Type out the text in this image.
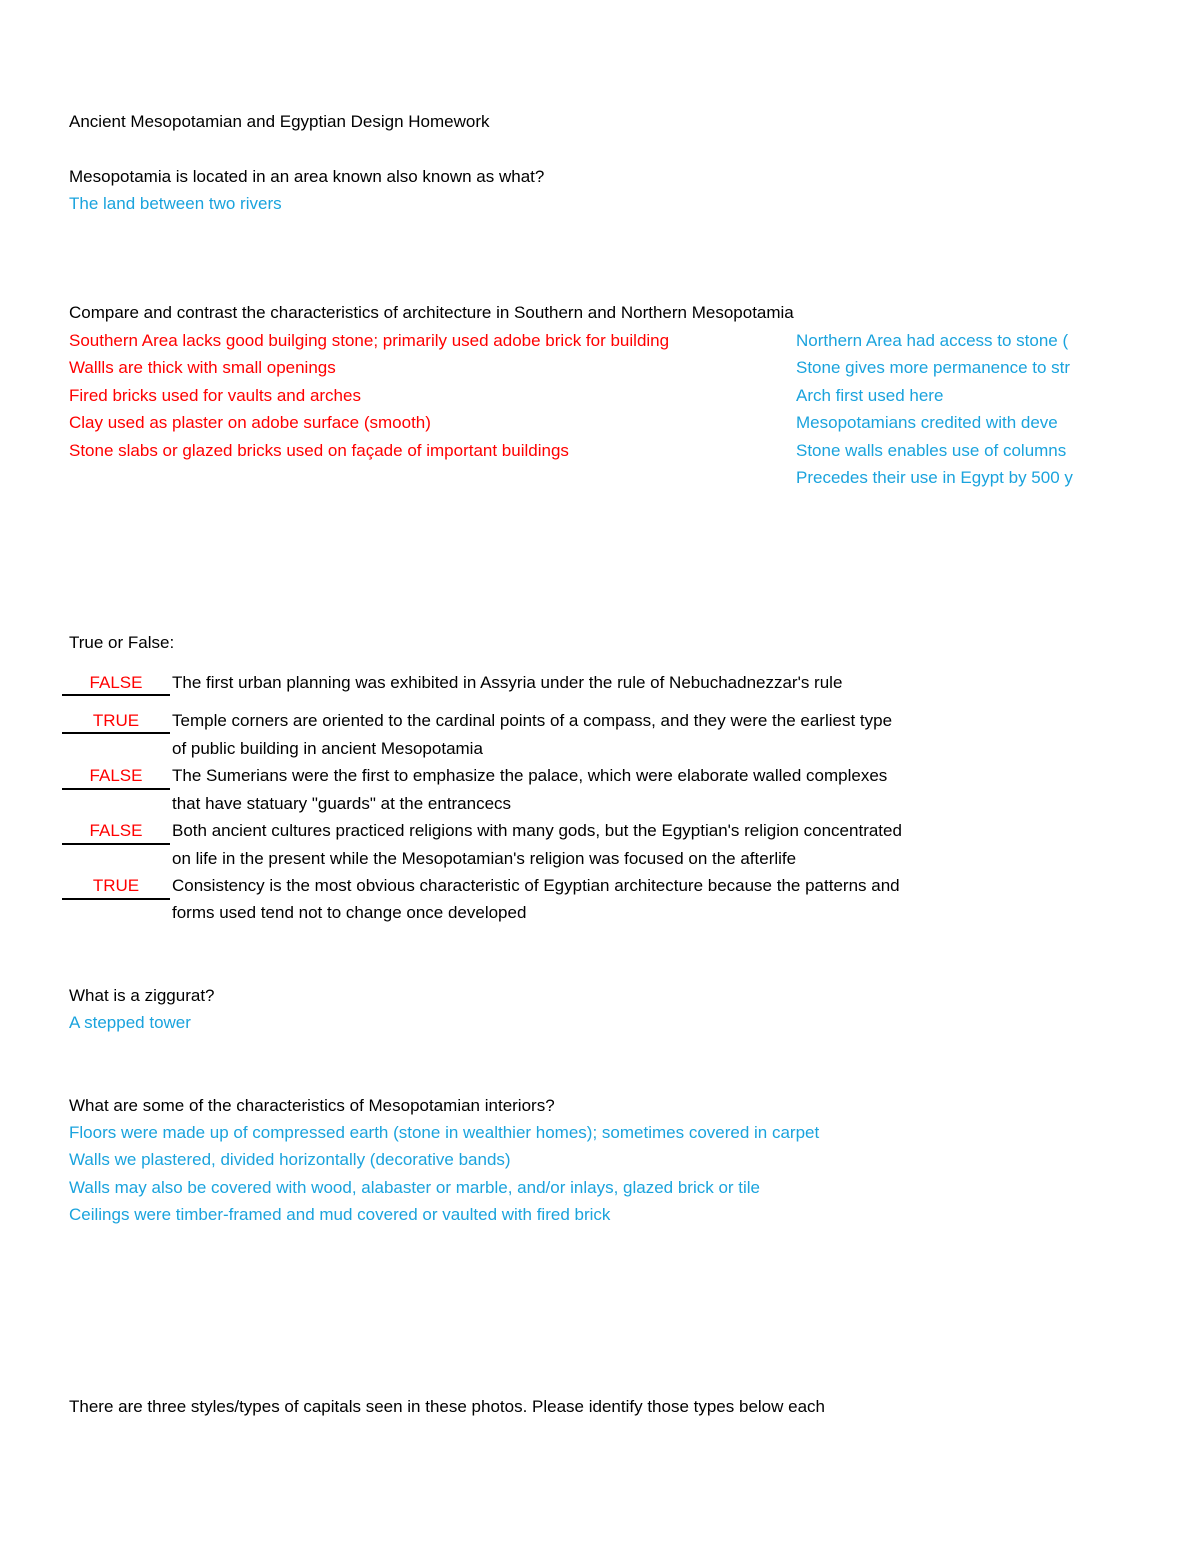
Ancient Mesopotamian and Egyptian Design Homework
Mesopotamia is located in an area known also known as what?
The land between two rivers
Compare and contrast the characteristics of architecture in Southern and Northern Mesopotamia
Southern Area lacks good builging stone; primarily used adobe brick for building
Wallls are thick with small openings
Fired bricks used for vaults and arches
Clay used as plaster on adobe surface (smooth)
Stone slabs or glazed bricks used on façade of important buildings
Northern Area had access to stone (
Stone gives more permanence to str
Arch first used here
Mesopotamians credited with deve
Stone walls enables use of columns
Precedes their use in Egypt by 500 y
True or False:
FALSE	The first urban planning was exhibited in Assyria under the rule of Nebuchadnezzar's rule
TRUE	Temple corners are oriented to the cardinal points of a compass, and they were the earliest type
of public building in ancient Mesopotamia
FALSE	The Sumerians were the first to emphasize the palace, which were elaborate walled complexes
that have statuary "guards" at the entrancecs
FALSE	Both ancient cultures practiced religions with many gods, but the Egyptian's religion concentrated
on life in the present while the Mesopotamian's religion was focused on the afterlife
TRUE	Consistency is the most obvious characteristic of Egyptian architecture because the patterns and
forms used tend not to change once developed
What is a ziggurat?
A stepped tower
What are some of the characteristics of Mesopotamian interiors?
Floors were made up of compressed earth (stone in wealthier homes); sometimes covered in carpet
Walls we plastered, divided horizontally (decorative bands)
Walls may also be covered with wood, alabaster or marble, and/or inlays, glazed brick or tile
Ceilings were timber-framed and mud covered or vaulted with fired brick
There are three styles/types of capitals seen in these photos. Please identify those types below each
